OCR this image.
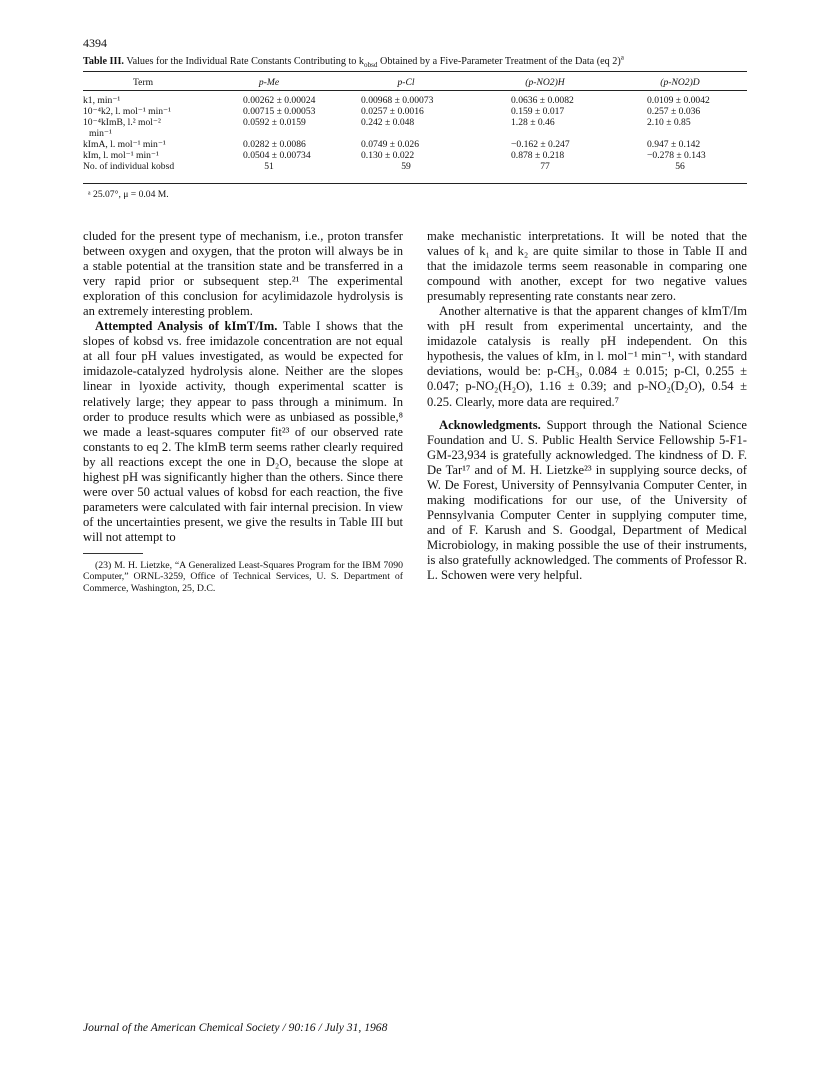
4394
Table III. Values for the Individual Rate Constants Contributing to $k_{obsd}$ Obtained by a Five-Parameter Treatment of the Data (eq 2)$^a$
Term	p-Me	p-Cl	(p-NO2)H	(p-NO2)D

k1, min⁻¹	0.00262 ± 0.00024	0.00968 ± 0.00073	0.0636 ± 0.0082	0.0109 ± 0.0042
10⁻⁴k2, l. mol⁻¹ min⁻¹	0.00715 ± 0.00053	0.0257 ± 0.0016	0.159 ± 0.017	0.257 ± 0.036
10⁻⁴kImB, l.² mol⁻²	0.0592 ± 0.0159	0.242 ± 0.048	1.28 ± 0.46	2.10 ± 0.85
min⁻¹				
kImA, l. mol⁻¹ min⁻¹	0.0282 ± 0.0086	0.0749 ± 0.026	−0.162 ± 0.247	0.947 ± 0.142
kIm, l. mol⁻¹ min⁻¹	0.0504 ± 0.00734	0.130 ± 0.022	0.878 ± 0.218	−0.278 ± 0.143
No. of individual kobsd	51	59	77	56
ᵃ 25.07°, μ = 0.04 M.

cluded for the present type of mechanism, i.e., proton transfer between oxygen and oxygen, that the proton will always be in a stable potential at the transition state and be transferred in a very rapid prior or subsequent step.²¹ The experimental exploration of this conclusion for acylimidazole hydrolysis is an extremely interesting problem.

Attempted Analysis of kImT/Im. Table I shows that the slopes of kobsd vs. free imidazole concentration are not equal at all four pH values investigated, as would be expected for imidazole-catalyzed hydrolysis alone. Neither are the slopes linear in lyoxide activity, though experimental scatter is relatively large; they appear to pass through a minimum. In order to produce results which were as unbiased as possible,⁸ we made a least-squares computer fit²³ of our observed rate constants to eq 2. The kImB term seems rather clearly required by all reactions except the one in D₂O, because the slope at highest pH was significantly higher than the others. Since there were over 50 actual values of kobsd for each reaction, the five parameters were calculated with fair internal precision. In view of the uncertainties present, we give the results in Table III but will not attempt to

(23) M. H. Lietzke, “A Generalized Least-Squares Program for the IBM 7090 Computer,” ORNL-3259, Office of Technical Services, U. S. Department of Commerce, Washington, 25, D.C.

make mechanistic interpretations. It will be noted that the values of k₁ and k₂ are quite similar to those in Table II and that the imidazole terms seem reasonable in comparing one compound with another, except for two negative values presumably representing rate constants near zero.

Another alternative is that the apparent changes of kImT/Im with pH result from experimental uncertainty, and the imidazole catalysis is really pH independent. On this hypothesis, the values of kIm, in l. mol⁻¹ min⁻¹, with standard deviations, would be: p-CH₃, 0.084 ± 0.015; p-Cl, 0.255 ± 0.047; p-NO₂(H₂O), 1.16 ± 0.39; and p-NO₂(D₂O), 0.54 ± 0.25. Clearly, more data are required.⁷

Acknowledgments. Support through the National Science Foundation and U. S. Public Health Service Fellowship 5-F1-GM-23,934 is gratefully acknowledged. The kindness of D. F. De Tar¹⁷ and of M. H. Lietzke²³ in supplying source decks, of W. De Forest, University of Pennsylvania Computer Center, in making modifications for our use, of the University of Pennsylvania Computer Center in supplying computer time, and of F. Karush and S. Goodgal, Department of Medical Microbiology, in making possible the use of their instruments, is also gratefully acknowledged. The comments of Professor R. L. Schowen were very helpful.

Journal of the American Chemical Society / 90:16 / July 31, 1968
